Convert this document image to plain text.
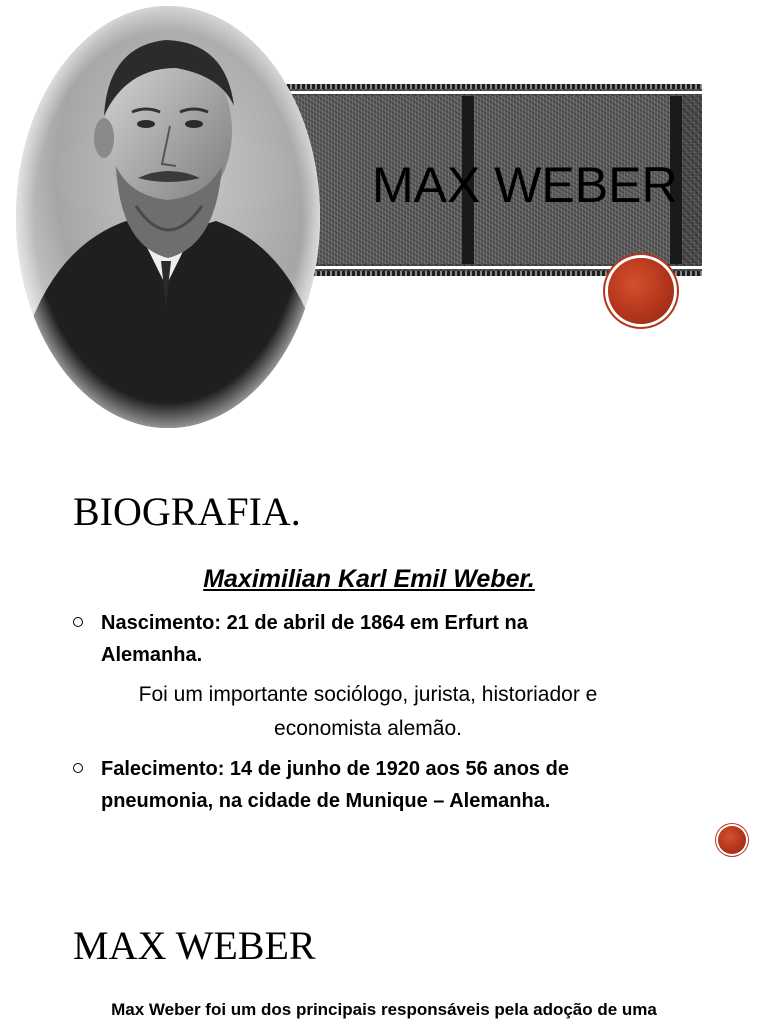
MAX WEBER
BIOGRAFIA.
Maximilian Karl Emil Weber.
Nascimento: 21 de abril de 1864 em Erfurt na Alemanha.
Foi um importante sociólogo, jurista, historiador e economista alemão.
Falecimento: 14 de junho de 1920 aos 56 anos de pneumonia, na cidade de Munique – Alemanha.
MAX WEBER
Max Weber foi um dos principais responsáveis pela adoção de uma
